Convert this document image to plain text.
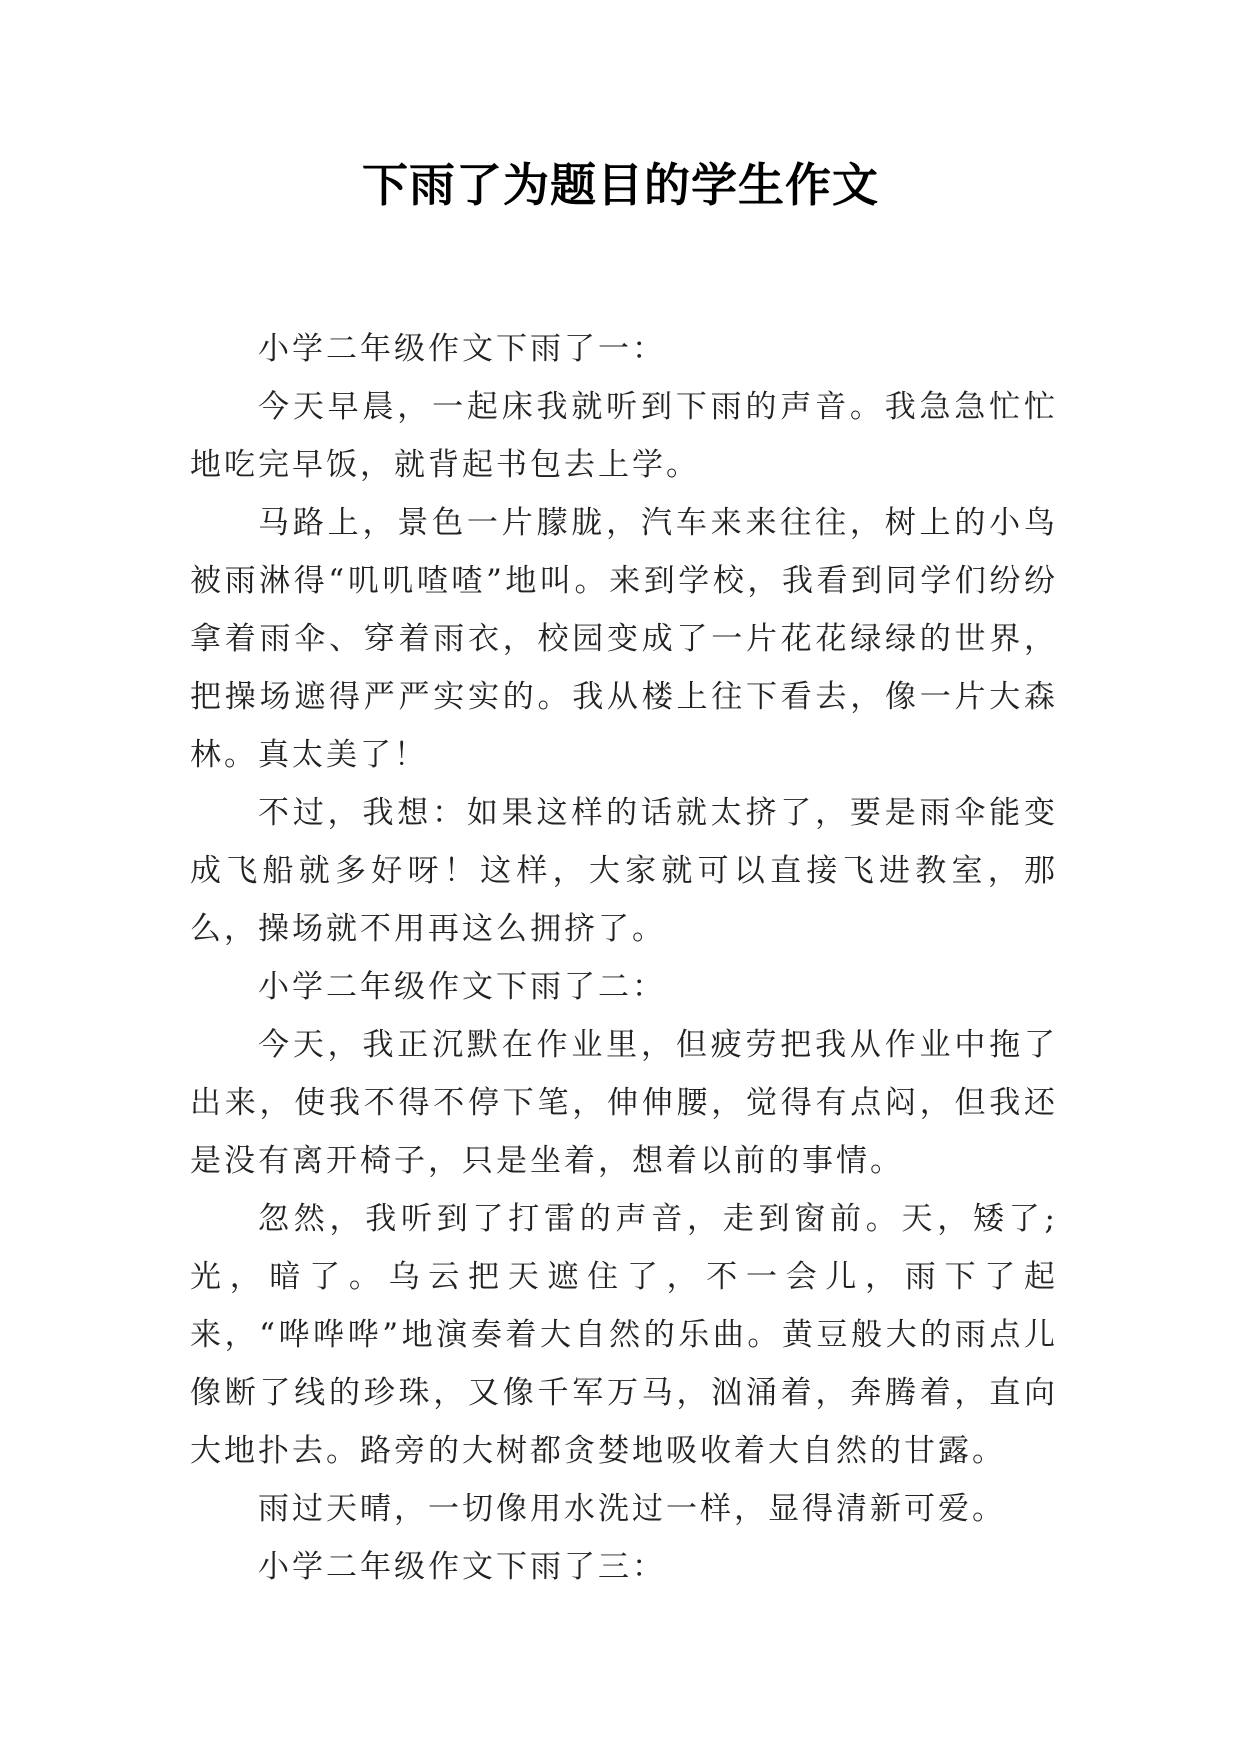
下雨了为题目的学生作文

小学二年级作文下雨了一：

今天早晨，一起床我就听到下雨的声音。我急急忙忙地吃完早饭，就背起书包去上学。

马路上，景色一片朦胧，汽车来来往往，树上的小鸟被雨淋得“叽叽喳喳”地叫。来到学校，我看到同学们纷纷拿着雨伞、穿着雨衣，校园变成了一片花花绿绿的世界，把操场遮得严严实实的。我从楼上往下看去，像一片大森林。真太美了！

不过，我想：如果这样的话就太挤了，要是雨伞能变成飞船就多好呀！这样，大家就可以直接飞进教室，那么，操场就不用再这么拥挤了。

小学二年级作文下雨了二：

今天，我正沉默在作业里，但疲劳把我从作业中拖了出来，使我不得不停下笔，伸伸腰，觉得有点闷，但我还是没有离开椅子，只是坐着，想着以前的事情。

忽然，我听到了打雷的声音，走到窗前。天，矮了;光，暗了。乌云把天遮住了，不一会儿，雨下了起来，“哗哗哗”地演奏着大自然的乐曲。黄豆般大的雨点儿像断了线的珍珠，又像千军万马，汹涌着，奔腾着，直向大地扑去。路旁的大树都贪婪地吸收着大自然的甘露。

雨过天晴，一切像用水洗过一样，显得清新可爱。

小学二年级作文下雨了三：
